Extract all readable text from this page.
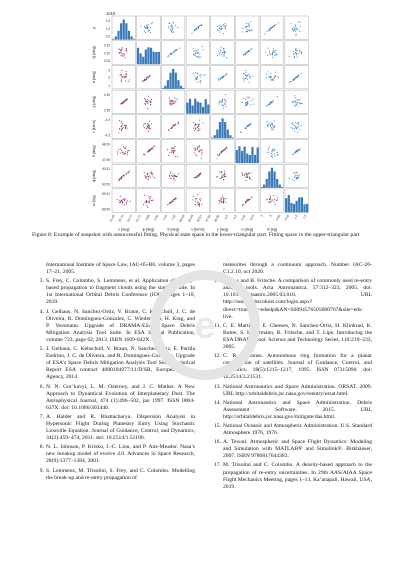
1e10
ρ
1.5
1.0
0.5
Q [deg]
0.15
0.10
0.05
α [deg]
3
2
1
γ [deg]
0.40
0.35
v [km/s]
-4.0
-4.5
θ [deg]
48.00
47.96
ϕ [deg]
90.51
90.50
m [kg]
89.51
89.50
λ [deg]	ϕ [deg]	θ [deg]	v [km/s]	γ [deg]	α [deg]	m [kg]
25.69 25.76 24.77 51.71 0.88 0.96 7.61 7.62 89.49 90.49 90.51 47.96 48.00 -4.5 -4.0 0.20 0.15 2 3 0.05 0.10 1.0 1.5
Figure 8: Example of snapshot with unsuccessful fitting. Physical state space in the lower-triangular part. Fitting space in the upper-triangular part.
International Institute of Space Law, IAC-05-B6, volume 3, pages 17–21, 2005.
3. S. Frey, C. Colombo, S. Lemmens, et al. Application of density-based propagation to fragment clouds using the starling suite. In 1st International Orbital Debris Conference (IOC), pages 1–10, 2019.
4. J. Gelhaus, N. Sanchez-Ortiz, V. Braun, C. Kebschull, J. C. de Oliveira, R. Dominguez-Gonzalez, C. Wiedemann, H. Krag, and P. Vorsmann. Upgrade of DRAMA-ESA’s Space Debris Mitigation Analysis Tool Suite. In ESA Special Publication, volume 723, page 62, 2013. ISBN 1609-042X.
5. J. Gelhaus, C. Kebschull, V. Braun, N. Sanchez-Ortiz, E. Parilla Endrino, J. C. de Oliveira, and R. Dominguez-Gonzalez. Upgrade of ESA’s Space Debris Mitigation Analysis Tool Suite. Technical Report ESA contract 4000104977/11/D/SR, European Space Agency, 2014.
6. N. N. Gor’kavyi, L. M. Ozernoy, and J. C. Mather. A New Approach to Dynamical Evolution of Interplanetary Dust. The Astrophysical Journal, 474 (1):496–502, jan 1997. ISSN 0004-637X. doi: 10.1086/303440.
7. A. Halder and R. Bhattacharya. Dispersion Analysis in Hypersonic Flight During Planetary Entry Using Stochastic Liouville Equation. Journal of Guidance, Control, and Dynamics, 34(2):459–474, 2011. doi: 10.2514/1.51196.
8. N. L. Johnson, P. Krisko, J.-C. Liou, and P. Anz-Meador. Nasa’s new breakup model of evolve 4.0. Advances in Space Research, 28(9):1377–1384, 2001.
9. S. Lemmens, M. Trisolini, S. Frey, and C. Colombo. Modelling the break-up and re-entry propagation of
meteorites through a continuum approach. Number IAC-20-C1.2.10, oct 2020.
10. T. Lips and B. Fritsche. A comparison of commonly used re-entry analysis tools. Acta Astronautica, 57:312–323, 2005. doi: 10.1016/j.actaastro.2005.03.010. URL http://search.ebscohost.com/login.aspx?direct=true&db=edselp&AN=S0094576505000767&site=eds-live.
11. C. E. Martin, J. E. Cheeses, N. Sanchez-Ortiz, H. Klinkrad, K. Bunte, S. Hauptmann, B. Fritsche, and T. Lips. Introducing the ESA DRAMA tool. Science and Technology Series, 110:219–233, 2005.
12. C. R. McInnes. Autonomous ring formation for a planar constellation of satellites. Journal of Guidance, Control, and Dynamics, 18(5):1215–1217, 1995. ISSN 07315090. doi: 10.2514/3.21531.
13. National Astronautics and Space Administration. ORSAT. 2009. URL http://orbitaldebris.jsc.nasa.gov/reentry/orsat.html.
14. National Astronautics and Space Administration. Debris Assessment Software. 2015. URL http://orbitaldebris.jsc.nasa.gov/mitigate/das.html.
15. National Oceanic and Atmospheric Administration. U.S. Standard Atmosphere 1976, 1976.
16. A. Tewari. Atmospheric and Space Flight Dynamics: Modeling and Simulation with MATLAB® and Simulink®. Birkhäuser, 2007. ISBN 9780817644383.
17. M. Trisolini and C. Colombo. A density-based approach to the propagation of re-entry uncertainties. In 29th AAS/AIAA Space Flight Mechanics Meeting, pages 1–13, Ka’anapali, Hawaii, USA, 2019.
e
